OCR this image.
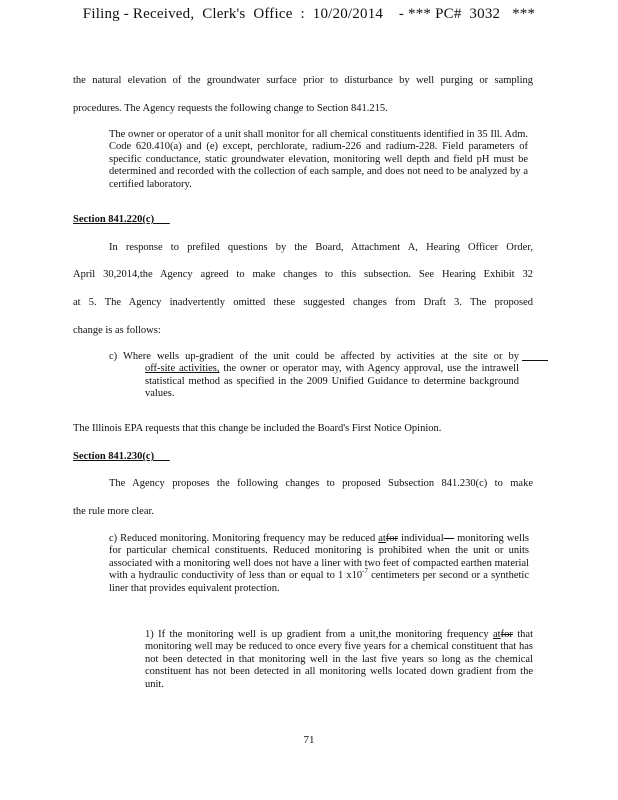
Filing - Received,  Clerk's  Office  :  10/20/2014    - *** PC#  3032   ***

the natural elevation of the groundwater surface prior to disturbance by well purging or sampling

procedures. The Agency requests the following change to Section 841.215.

The owner or operator of a unit shall monitor for all chemical constituents identified in 35 Ill. Adm. Code 620.410(a) and (e) except, perchlorate, radium-226 and radium-228. Field parameters of specific conductance, static groundwater elevation, monitoring well depth and field pH must be determined and recorded with the collection of each sample, and does not need to be analyzed by a certified laboratory.
Section 841.220(c)

In response to prefiled questions by the Board, Attachment A, Hearing Officer Order,

April 30,2014,the Agency agreed to make changes to this subsection. See Hearing Exhibit 32

at 5. The Agency inadvertently omitted these suggested changes from Draft 3. The proposed

change is as follows:

c) Where wells up-gradient of the unit could be affected by activities at the site or by
off-site activities, the owner or operator may, with Agency approval, use the intrawell statistical method as specified in the 2009 Unified Guidance to determine background values.

The Illinois EPA requests that this change be included the Board's First Notice Opinion.

Section 841.230(c)

The Agency proposes the following changes to proposed Subsection 841.230(c) to make

the rule more clear.

c) Reduced monitoring. Monitoring frequency may be reduced atfor individual— monitoring wells for particular chemical constituents. Reduced monitoring is prohibited when the unit or units associated with a monitoring well does not have a liner with two feet of compacted earthen material with a hydraulic conductivity of less than or equal to 1 $x10^{-7}$ centimeters per second or a synthetic liner that provides equivalent protection.
1) If the monitoring well is up gradient from a unit,the monitoring frequency atfor that monitoring well may be reduced to once every five years for a chemical constituent that has not been detected in that monitoring well in the last five years so long as the chemical constituent has not been detected in all monitoring wells located down gradient from the unit.
71
